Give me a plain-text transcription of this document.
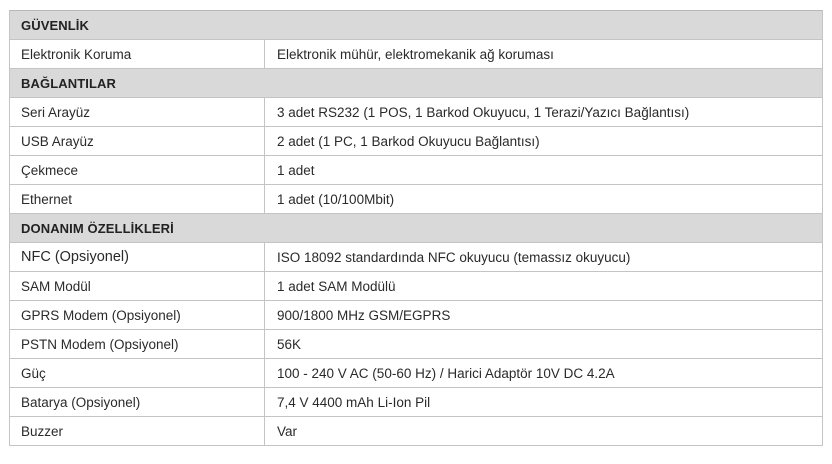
GÜVENLİK
Elektronik Koruma	Elektronik mühür, elektromekanik ağ koruması
BAĞLANTILAR
Seri Arayüz	3 adet RS232 (1 POS, 1 Barkod Okuyucu, 1 Terazi/Yazıcı Bağlantısı)
USB Arayüz	2 adet (1 PC, 1 Barkod Okuyucu Bağlantısı)
Çekmece	1 adet
Ethernet	1 adet (10/100Mbit)
DONANIM ÖZELLİKLERİ
NFC (Opsiyonel)	ISO 18092 standardında NFC okuyucu (temassız okuyucu)
SAM Modül	1 adet SAM Modülü
GPRS Modem (Opsiyonel)	900/1800 MHz GSM/EGPRS
PSTN Modem (Opsiyonel)	56K
Güç	100 - 240 V AC (50-60 Hz) / Harici Adaptör 10V DC 4.2A
Batarya (Opsiyonel)	7,4 V 4400 mAh Li-Ion Pil
Buzzer	Var
